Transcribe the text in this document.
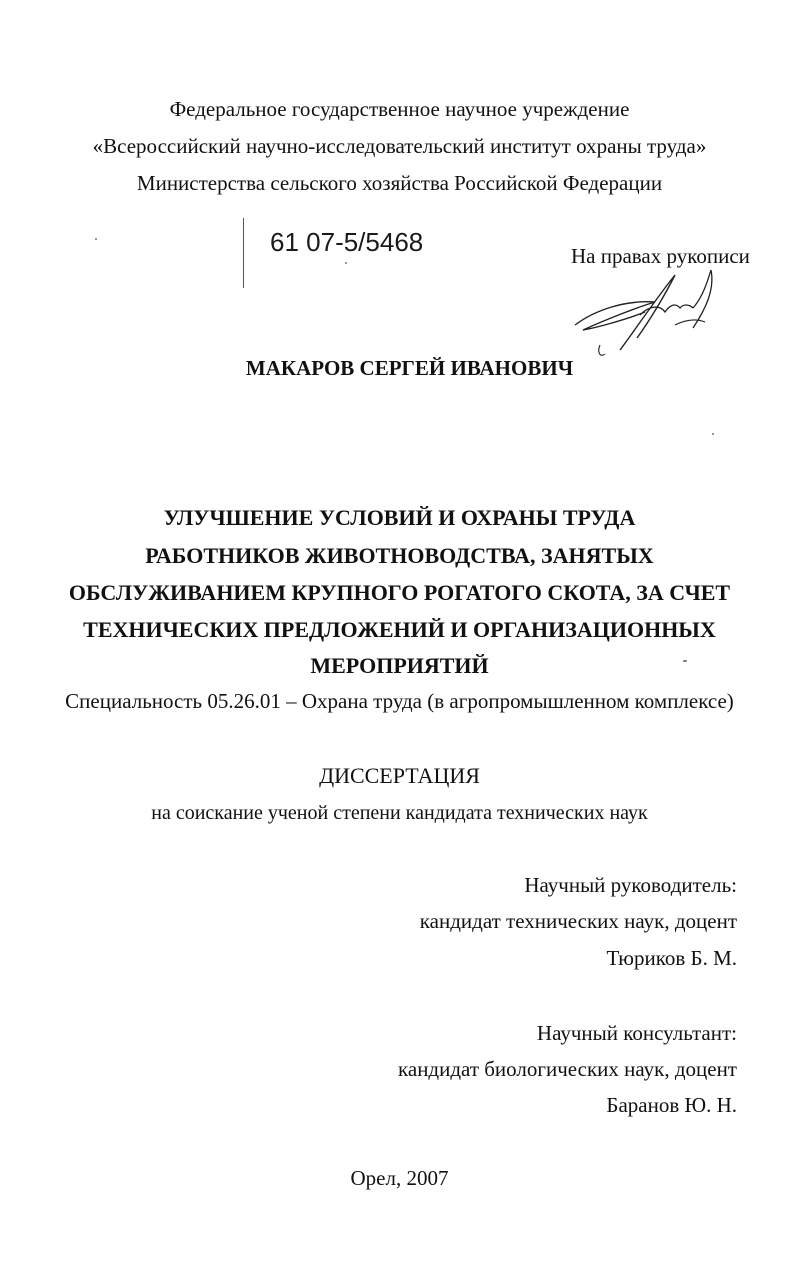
Федеральное государственное научное учреждение
«Всероссийский научно-исследовательский институт охраны труда»
Министерства сельского хозяйства Российской Федерации
61 07-5/5468	На правах рукописи
МАКАРОВ СЕРГЕЙ ИВАНОВИЧ
УЛУЧШЕНИЕ УСЛОВИЙ И ОХРАНЫ ТРУДА
РАБОТНИКОВ ЖИВОТНОВОДСТВА, ЗАНЯТЫХ
ОБСЛУЖИВАНИЕМ КРУПНОГО РОГАТОГО СКОТА, ЗА СЧЕТ
ТЕХНИЧЕСКИХ ПРЕДЛОЖЕНИЙ И ОРГАНИЗАЦИОННЫХ
МЕРОПРИЯТИЙ
Специальность 05.26.01 – Охрана труда (в агропромышленном комплексе)
ДИССЕРТАЦИЯ
на соискание ученой степени кандидата технических наук
Научный руководитель:
кандидат технических наук, доцент
Тюриков Б. М.
Научный консультант:
кандидат биологических наук, доцент
Баранов Ю. Н.
Орел, 2007
